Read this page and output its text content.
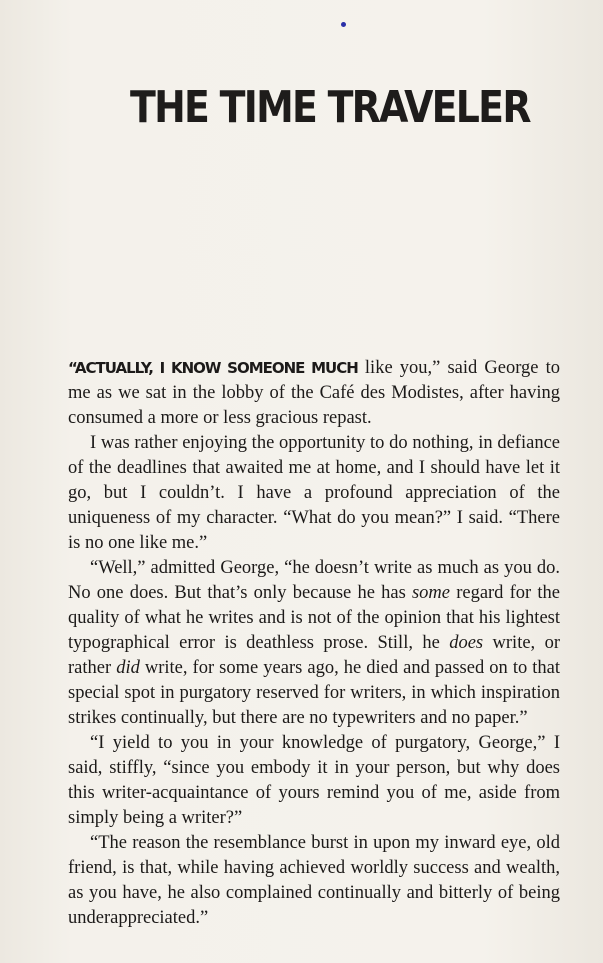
THE TIME TRAVELER

“ACTUALLY, I KNOW SOMEONE MUCH like you,” said George to me as we sat in the lobby of the Café des Modistes, after having consumed a more or less gracious repast.

I was rather enjoying the opportunity to do nothing, in defiance of the deadlines that awaited me at home, and I should have let it go, but I couldn’t. I have a profound appreciation of the uniqueness of my character. “What do you mean?” I said. “There is no one like me.”

“Well,” admitted George, “he doesn’t write as much as you do. No one does. But that’s only because he has some regard for the quality of what he writes and is not of the opinion that his lightest typographical error is deathless prose. Still, he does write, or rather did write, for some years ago, he died and passed on to that special spot in purgatory reserved for writers, in which inspiration strikes continually, but there are no typewriters and no paper.”

“I yield to you in your knowledge of purgatory, George,” I said, stiffly, “since you embody it in your person, but why does this writer-acquaintance of yours remind you of me, aside from simply being a writer?”

“The reason the resemblance burst in upon my inward eye, old friend, is that, while having achieved worldly success and wealth, as you have, he also complained continually and bitterly of being underappreciated.”
